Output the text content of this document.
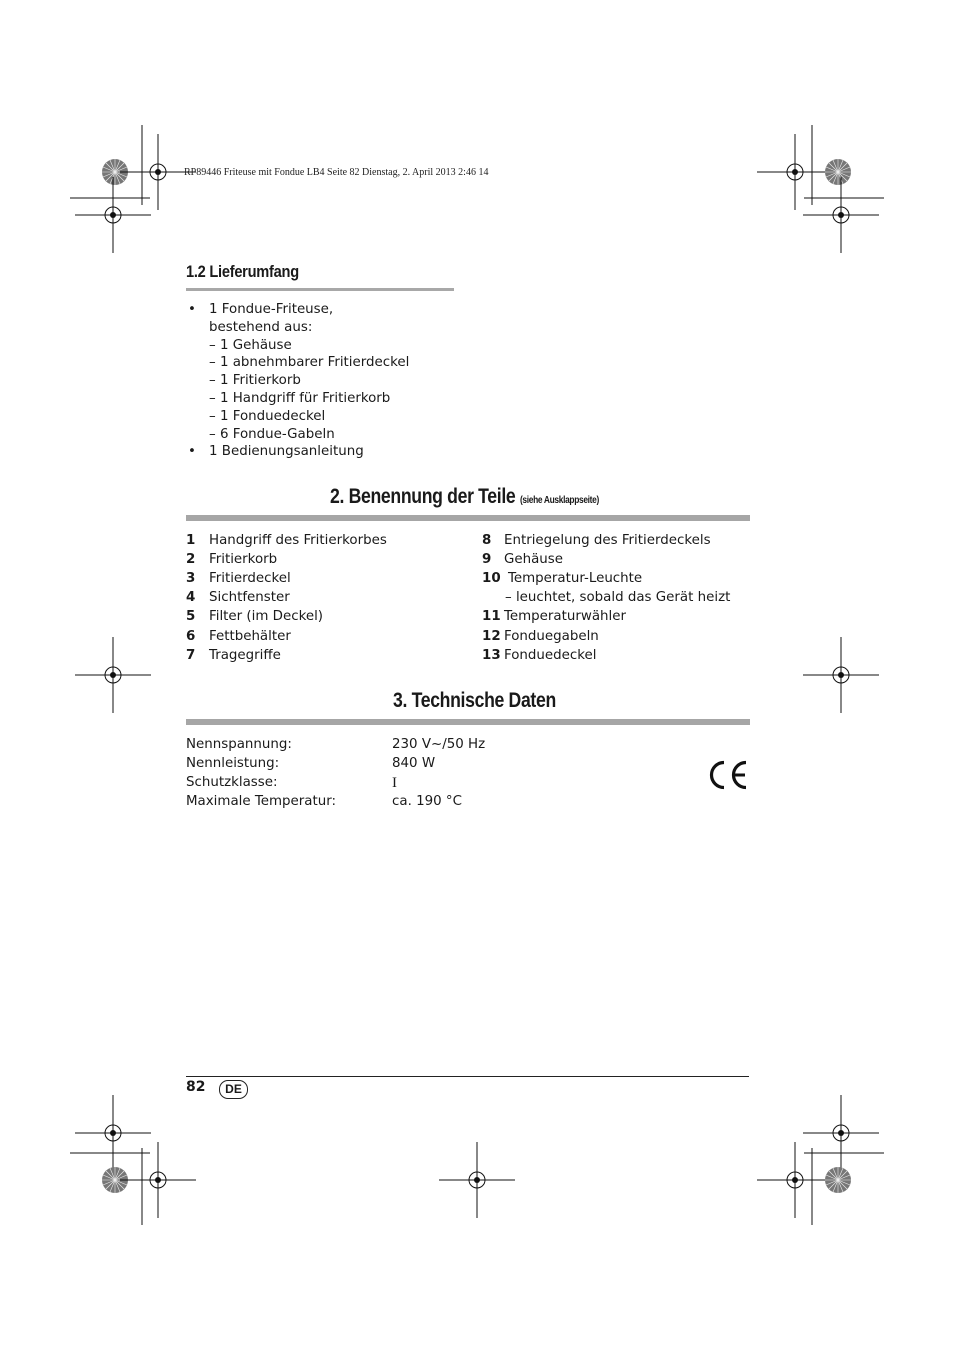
RP89446 Friteuse mit Fondue LB4 Seite 82 Dienstag, 2. April 2013 2:46 14
1.2 Lieferumfang
• 1 Fondue-Friteuse,
bestehend aus:
– 1 Gehäuse
– 1 abnehmbarer Fritierdeckel
– 1 Fritierkorb
– 1 Handgriff für Fritierkorb
– 1 Fonduedeckel
– 6 Fondue-Gabeln
• 1 Bedienungsanleitung
2. Benennung der Teile (siehe Ausklappseite)
1 Handgriff des Fritierkorbes
2 Fritierkorb
3 Fritierdeckel
4 Sichtfenster
5 Filter (im Deckel)
6 Fettbehälter
7 Tragegriffe
8 Entriegelung des Fritierdeckels
9 Gehäuse
10 Temperatur-Leuchte
– leuchtet, sobald das Gerät heizt
11 Temperaturwähler
12 Fonduegabeln
13 Fonduedeckel
3. Technische Daten
Nennspannung:	230 V~/50 Hz
Nennleistung:	840 W
Schutzklasse:	I
Maximale Temperatur:	ca. 190 °C
82	DE
